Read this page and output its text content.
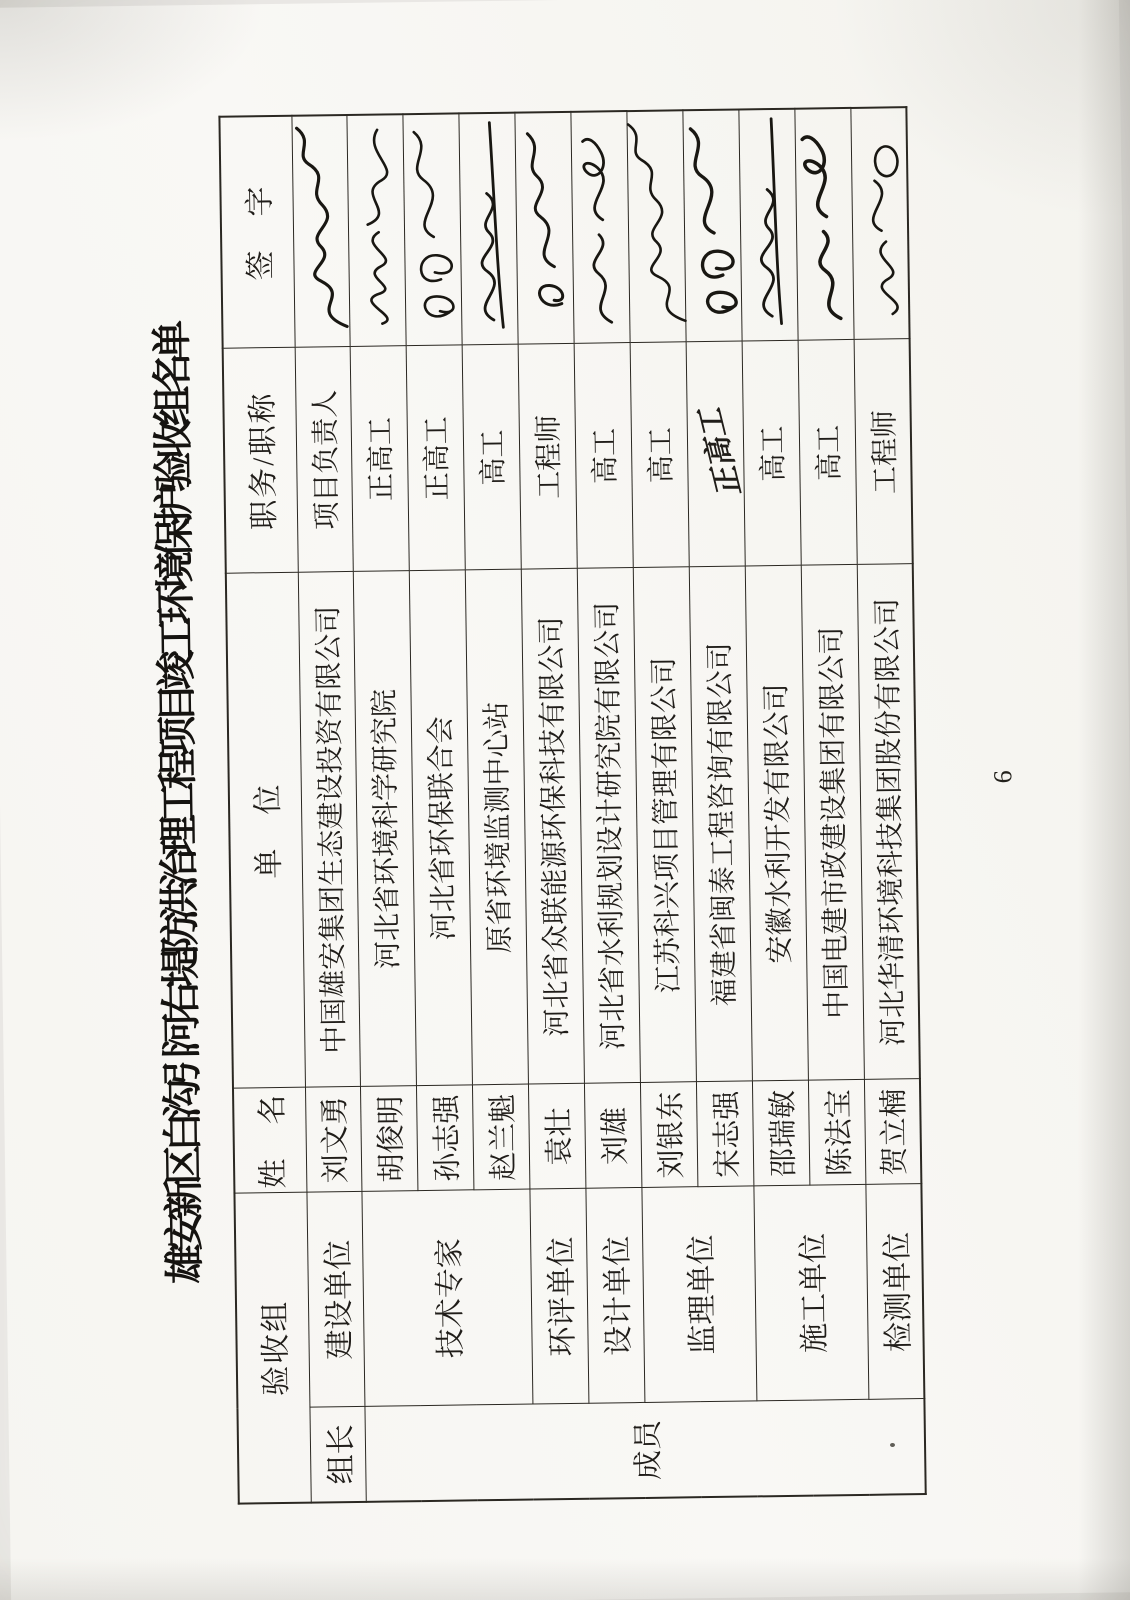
雄安新区白沟引河右堤防洪治理工程项目竣工环境保护验收组名单
验收组		姓　名	单　位	职务/职称	签　字
组长	建设单位	刘文勇	中国雄安集团生态建设投资有限公司	项目负责人	

成员	技术专家	胡俊明	河北省环境科学研究院	正高工	

		孙志强	河北省环保联合会	正高工	

		赵兰魁	原省环境监测中心站	高工	

	环评单位	袁壮	河北省众联能源环保科技有限公司	工程师	

	设计单位	刘雄	河北省水利规划设计研究院有限公司	高工	

	监理单位	刘银东	江苏科兴项目管理有限公司	高工	

		宋志强	福建省闽泰工程咨询有限公司	正高工	

	施工单位	邵瑞敏	安徽水利开发有限公司	高工	

		陈法宝	中国电建市政建设集团有限公司	高工	

	检测单位	贺立楠	河北华清环境科技集团股份有限公司	工程师	
6
